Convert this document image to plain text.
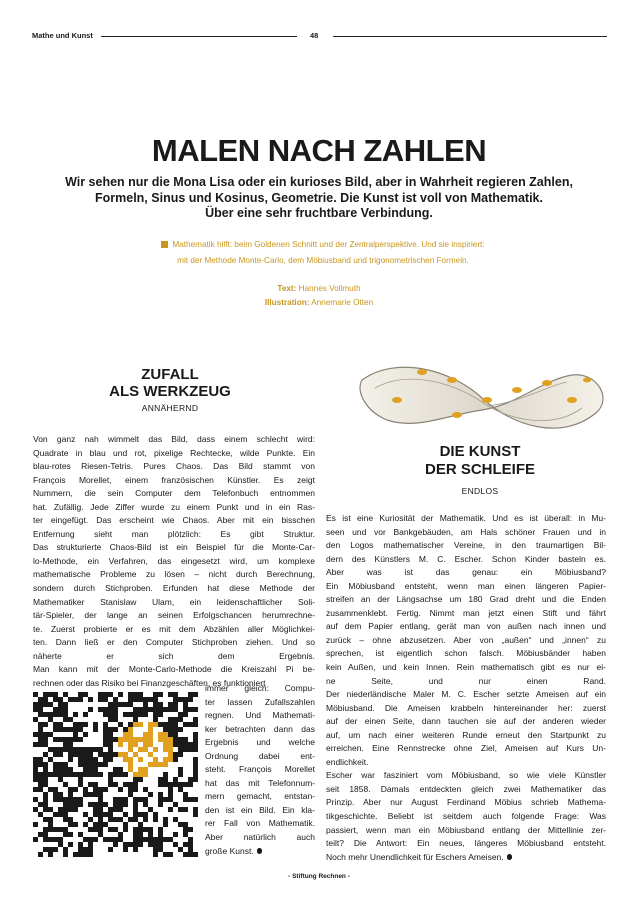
Mathe und Kunst	48
MALEN NACH ZAHLEN
Wir sehen nur die Mona Lisa oder ein kurioses Bild, aber in Wahrheit regieren Zahlen,
Formeln, Sinus und Kosinus, Geometrie. Die Kunst ist voll von Mathematik.
Über eine sehr fruchtbare Verbindung.
Mathematik hilft: beim Goldenen Schnitt und der Zentralperspektive. Und sie inspiriert:
mit der Methode Monte-Carlo, dem Möbiusband und trigonometrischen Formeln.
Text: Hannes Vollmuth
Illustration: Annemarie Otten
ZUFALL
ALS WERKZEUG
ANNÄHERND
Von ganz nah wimmelt das Bild, dass einem schlecht wird:
Quadrate in blau und rot, pixelige Rechtecke, wilde Punkte. Ein
blau-rotes Riesen-Tetris. Pures Chaos. Das Bild stammt von
François Morellet, einem französischen Künstler. Es zeigt
Nummern, die sein Computer dem Telefonbuch entnommen
hat. Zufällig. Jede Ziffer wurde zu einem Punkt und in ein Ras-
ter eingefügt. Das erscheint wie Chaos. Aber mit ein bisschen
Entfernung sieht man plötzlich: Es gibt Struktur.
Das strukturierte Chaos-Bild ist ein Beispiel für die Monte-Car-
lo-Methode, ein Verfahren, das eingesetzt wird, um komplexe
mathematische Probleme zu lösen – nicht durch Berechnung,
sondern durch Stichproben. Erfunden hat diese Methode der
Mathematiker Stanislaw Ulam, ein leidenschaftlicher Soli-
tär-Spieler, der lange an seinen Erfolgschancen herumrechne-
te. Zuerst probierte er es mit dem Abzählen aller Möglichkei-
ten. Dann ließ er den Computer Stichproben ziehen. Und so
näherte er sich dem Ergebnis.
Man kann mit der Monte-Carlo-Methode die Kreiszahl Pi be-
rechnen oder das Risiko bei Finanzgeschäften, es funktioniert
immer gleich: Compu-
ter lassen Zufallszahlen
regnen. Und Mathemati-
ker betrachten dann das
Ergebnis und welche
Ordnung dabei ent-
steht. François Morellet
hat das mit Telefonnum-
mern gemacht, entstan-
den ist ein Bild. Ein kla-
rer Fall von Mathematik.
Aber natürlich auch
große Kunst.
DIE KUNST
DER SCHLEIFE
ENDLOS
Es ist eine Kuriosität der Mathematik. Und es ist überall: in Mu-
seen und vor Bankgebäuden, am Hals schöner Frauen und in
den Logos mathematischer Vereine, in den traumartigen Bil-
dern des Künstlers M. C. Escher. Schon Kinder basteln es.
Aber was ist das genau: ein Möbiusband?
Ein Möbiusband entsteht, wenn man einen längeren Papier-
streifen an der Längsachse um 180 Grad dreht und die Enden
zusammenklebt. Fertig. Nimmt man jetzt einen Stift und fährt
auf dem Papier entlang, gerät man von außen nach innen und
zurück – ohne abzusetzen. Aber von „außen“ und „innen“ zu
sprechen, ist eigentlich schon falsch. Möbiusbänder haben
kein Außen, und kein Innen. Rein mathematisch gibt es nur ei-
ne Seite, und nur einen Rand.
Der niederländische Maler M. C. Escher setzte Ameisen auf ein
Möbiusband. Die Ameisen krabbeln hintereinander her: zuerst
auf der einen Seite, dann tauchen sie auf der anderen wieder
auf, um nach einer weiteren Runde erneut den Startpunkt zu
erreichen. Eine Rennstrecke ohne Ziel, Ameisen auf Kurs Un-
endlichkeit.
Escher war fasziniert vom Möbiusband, so wie viele Künstler
seit 1858. Damals entdeckten gleich zwei Mathematiker das
Prinzip. Aber nur August Ferdinand Möbius schrieb Mathema-
tikgeschichte. Beliebt ist seitdem auch folgende Frage: Was
passiert, wenn man ein Möbiusband entlang der Mittellinie zer-
teilt? Die Antwort: Ein neues, längeres Möbiusband entsteht.
Noch mehr Unendlichkeit für Eschers Ameisen.
- Stiftung Rechnen -
